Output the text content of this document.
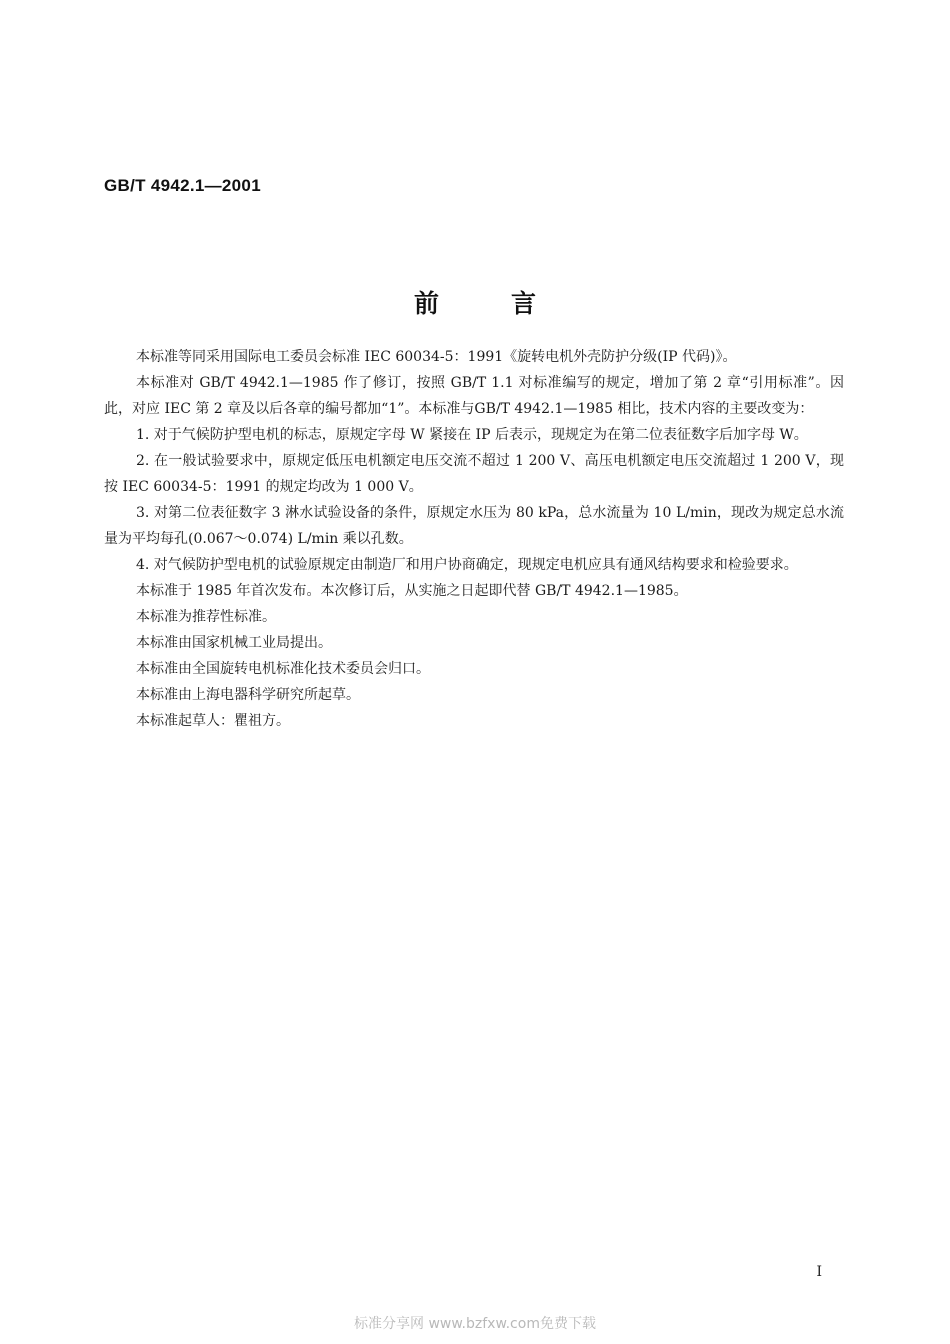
GB/T 4942.1—2001
前言

本标准等同采用国际电工委员会标准 IEC 60034-5：1991《旋转电机外壳防护分级(IP 代码)》。

本标准对 GB/T 4942.1—1985 作了修订，按照 GB/T 1.1 对标准编写的规定，增加了第 2 章“引用标准”。因此，对应 IEC 第 2 章及以后各章的编号都加“1”。本标准与GB/T 4942.1—1985 相比，技术内容的主要改变为：

1. 对于气候防护型电机的标志，原规定字母 W 紧接在 IP 后表示，现规定为在第二位表征数字后加字母 W。

2. 在一般试验要求中，原规定低压电机额定电压交流不超过 1 200 V、高压电机额定电压交流超过 1 200 V，现按 IEC 60034-5：1991 的规定均改为 1 000 V。

3. 对第二位表征数字 3 淋水试验设备的条件，原规定水压为 80 kPa，总水流量为 10 L/min，现改为规定总水流量为平均每孔(0.067～0.074) L/min 乘以孔数。

4. 对气候防护型电机的试验原规定由制造厂和用户协商确定，现规定电机应具有通风结构要求和检验要求。

本标准于 1985 年首次发布。本次修订后，从实施之日起即代替 GB/T 4942.1—1985。

本标准为推荐性标准。

本标准由国家机械工业局提出。

本标准由全国旋转电机标准化技术委员会归口。

本标准由上海电器科学研究所起草。

本标准起草人：瞿祖方。

I
标准分享网 www.bzfxw.com免费下载
